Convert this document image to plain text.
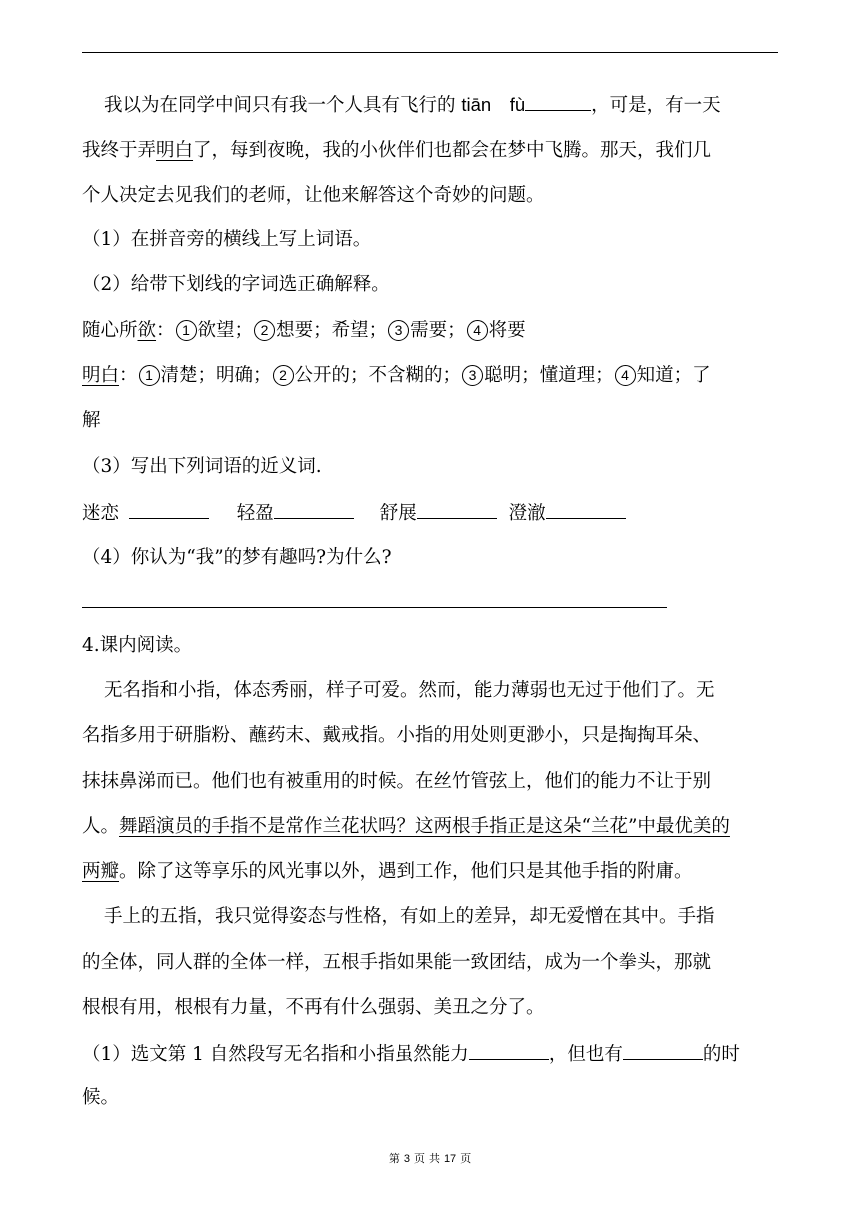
我以为在同学中间只有我一个人具有飞行的 tiān　fù	，可是，有一天
我终于弄明白了，每到夜晚，我的小伙伴们也都会在梦中飞腾。那天，我们几
个人决定去见我们的老师，让他来解答这个奇妙的问题。
（1）在拼音旁的横线上写上词语。
（2）给带下划线的字词选正确解释。
随心所欲： 1 欲望； 2 想要；希望； 3 需要； 4 将要
明白： 1 清楚；明确； 2 公开的；不含糊的； 3 聪明；懂道理； 4 知道；了
解
（3）写出下列词语的近义词.
迷恋	轻盈	舒展	澄澈
（4）你认为“我”的梦有趣吗?为什么?
4.课内阅读。
无名指和小指，体态秀丽，样子可爱。然而，能力薄弱也无过于他们了。无
名指多用于研脂粉、蘸药末、戴戒指。小指的用处则更渺小，只是掏掏耳朵、
抹抹鼻涕而已。他们也有被重用的时候。在丝竹管弦上，他们的能力不让于别
人。舞蹈演员的手指不是常作兰花状吗？这两根手指正是这朵“兰花”中最优美的
两瓣。除了这等享乐的风光事以外，遇到工作，他们只是其他手指的附庸。
手上的五指，我只觉得姿态与性格，有如上的差异，却无爱憎在其中。手指
的全体，同人群的全体一样，五根手指如果能一致团结，成为一个拳头，那就
根根有用，根根有力量，不再有什么强弱、美丑之分了。
（1）选文第 1 自然段写无名指和小指虽然能力	，但也有	的时
候。
第 3 页 共 17 页
